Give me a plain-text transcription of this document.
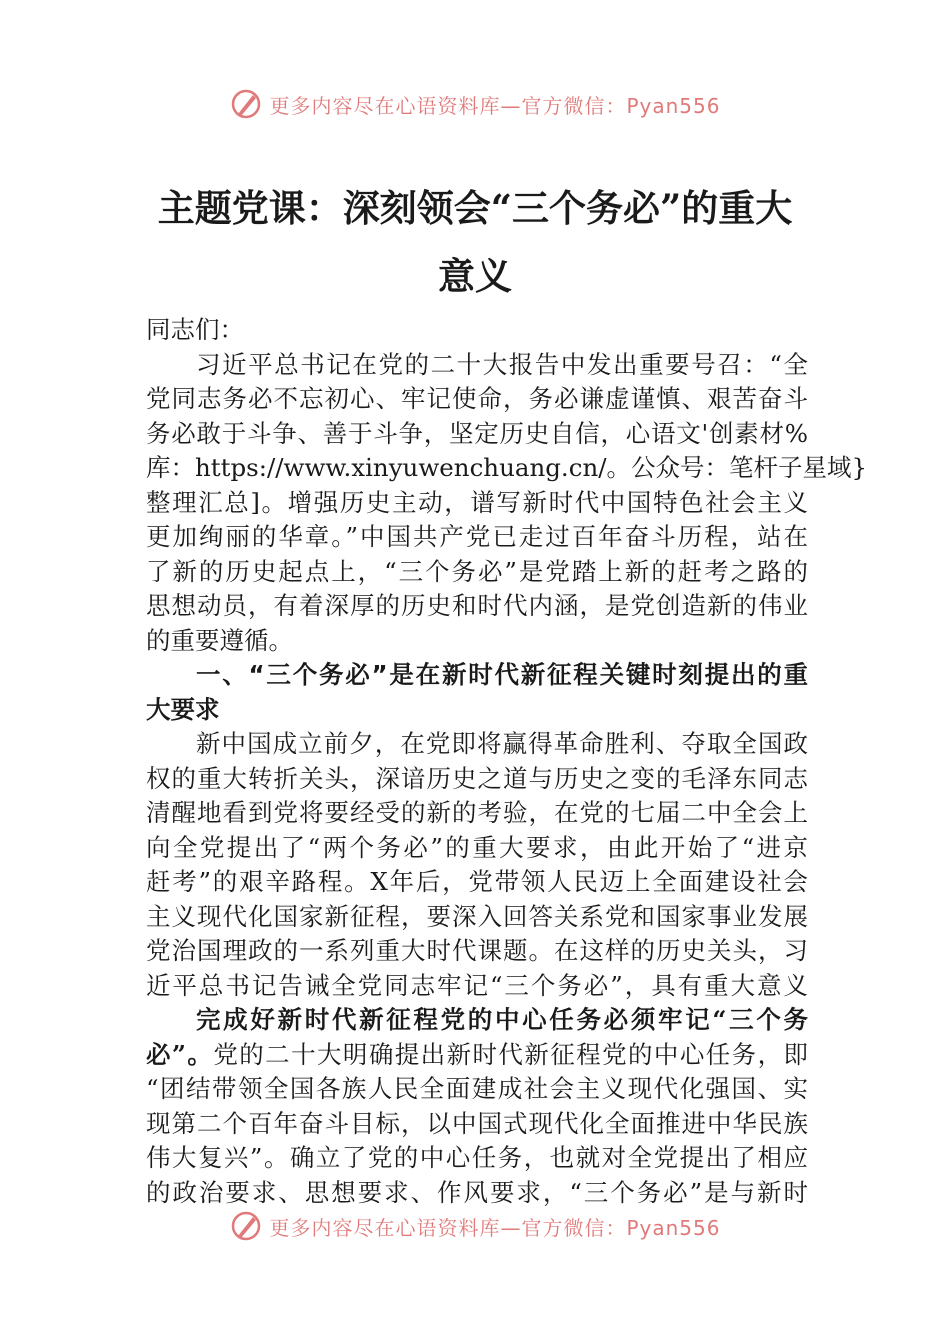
更多内容尽在心语资料库—官方微信：Pyan556
主题党课：深刻领会“三个务必”的重大
意义
同志们：
习近平总书记在党的二十大报告中发出重要号召：“全
党同志务必不忘初心、牢记使命，务必谦虚谨慎、艰苦奋斗
务必敢于斗争、善于斗争，坚定历史自信，心语文'创素材%
库：https://www.xinyuwenchuang.cn/。公众号：笔杆子星域}
整理汇总]。增强历史主动，谱写新时代中国特色社会主义
更加绚丽的华章。”中国共产党已走过百年奋斗历程，站在
了新的历史起点上，“三个务必”是党踏上新的赶考之路的
思想动员，有着深厚的历史和时代内涵，是党创造新的伟业
的重要遵循。
一、“三个务必”是在新时代新征程关键时刻提出的重
大要求
新中国成立前夕，在党即将赢得革命胜利、夺取全国政
权的重大转折关头，深谙历史之道与历史之变的毛泽东同志
清醒地看到党将要经受的新的考验，在党的七届二中全会上
向全党提出了“两个务必”的重大要求，由此开始了“进京
赶考”的艰辛路程。X年后，党带领人民迈上全面建设社会
主义现代化国家新征程，要深入回答关系党和国家事业发展
党治国理政的一系列重大时代课题。在这样的历史关头，习
近平总书记告诫全党同志牢记“三个务必”，具有重大意义
完成好新时代新征程党的中心任务必须牢记“三个务
必”。党的二十大明确提出新时代新征程党的中心任务，即
“团结带领全国各族人民全面建成社会主义现代化强国、实
现第二个百年奋斗目标，以中国式现代化全面推进中华民族
伟大复兴”。确立了党的中心任务，也就对全党提出了相应
的政治要求、思想要求、作风要求，“三个务必”是与新时
更多内容尽在心语资料库—官方微信：Pyan556
